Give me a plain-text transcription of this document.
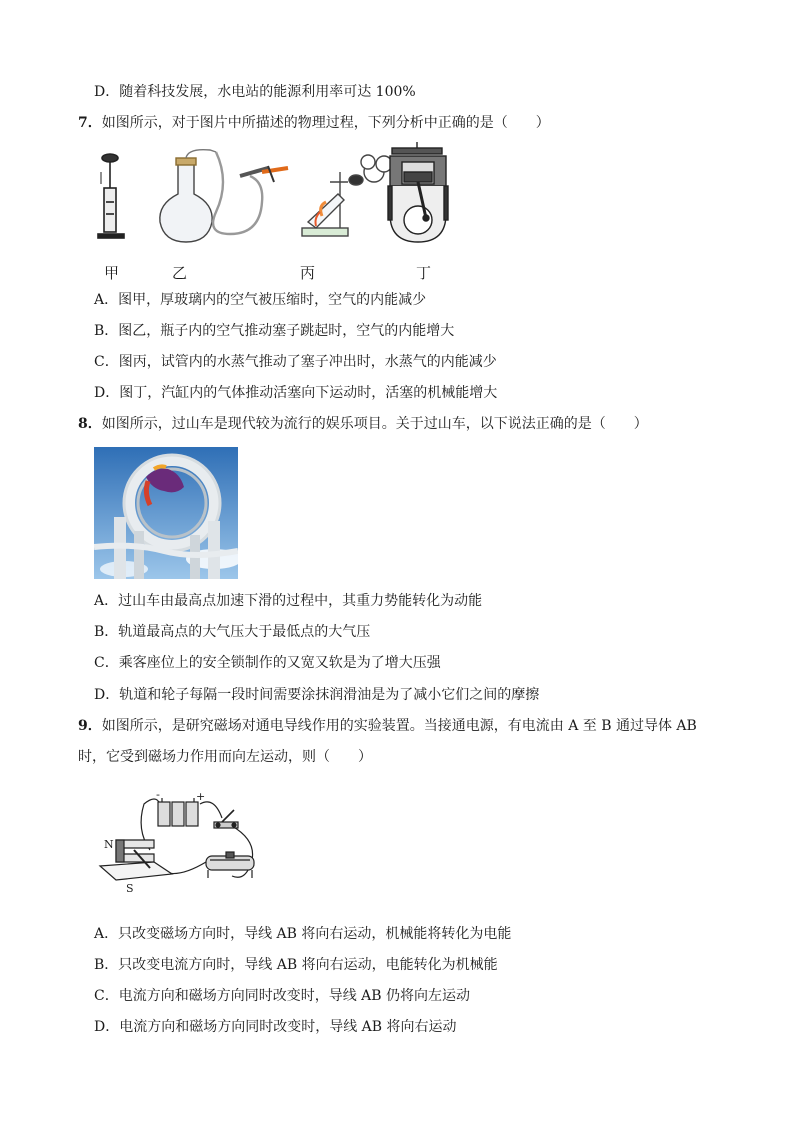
D．随着科技发展，水电站的能源利用率可达 100%
7．如图所示，对于图片中所描述的物理过程，下列分析中正确的是（　　）
甲	乙	丙	丁
A．图甲，厚玻璃内的空气被压缩时，空气的内能减少
B．图乙，瓶子内的空气推动塞子跳起时，空气的内能增大
C．图丙，试管内的水蒸气推动了塞子冲出时，水蒸气的内能减少
D．图丁，汽缸内的气体推动活塞向下运动时，活塞的机械能增大
8．如图所示，过山车是现代较为流行的娱乐项目。关于过山车，以下说法正确的是（　　）
A．过山车由最高点加速下滑的过程中，其重力势能转化为动能
B．轨道最高点的大气压大于最低点的大气压
C．乘客座位上的安全锁制作的又宽又软是为了增大压强
D．轨道和轮子每隔一段时间需要涂抹润滑油是为了减小它们之间的摩擦
9．如图所示，是研究磁场对通电导线作用的实验装置。当接通电源，有电流由 A 至 B 通过导体 AB
时，它受到磁场力作用而向左运动，则（　　）
-	+
N
S
A．只改变磁场方向时，导线 AB 将向右运动，机械能将转化为电能
B．只改变电流方向时，导线 AB 将向右运动，电能转化为机械能
C．电流方向和磁场方向同时改变时，导线 AB 仍将向左运动
D．电流方向和磁场方向同时改变时，导线 AB 将向右运动
